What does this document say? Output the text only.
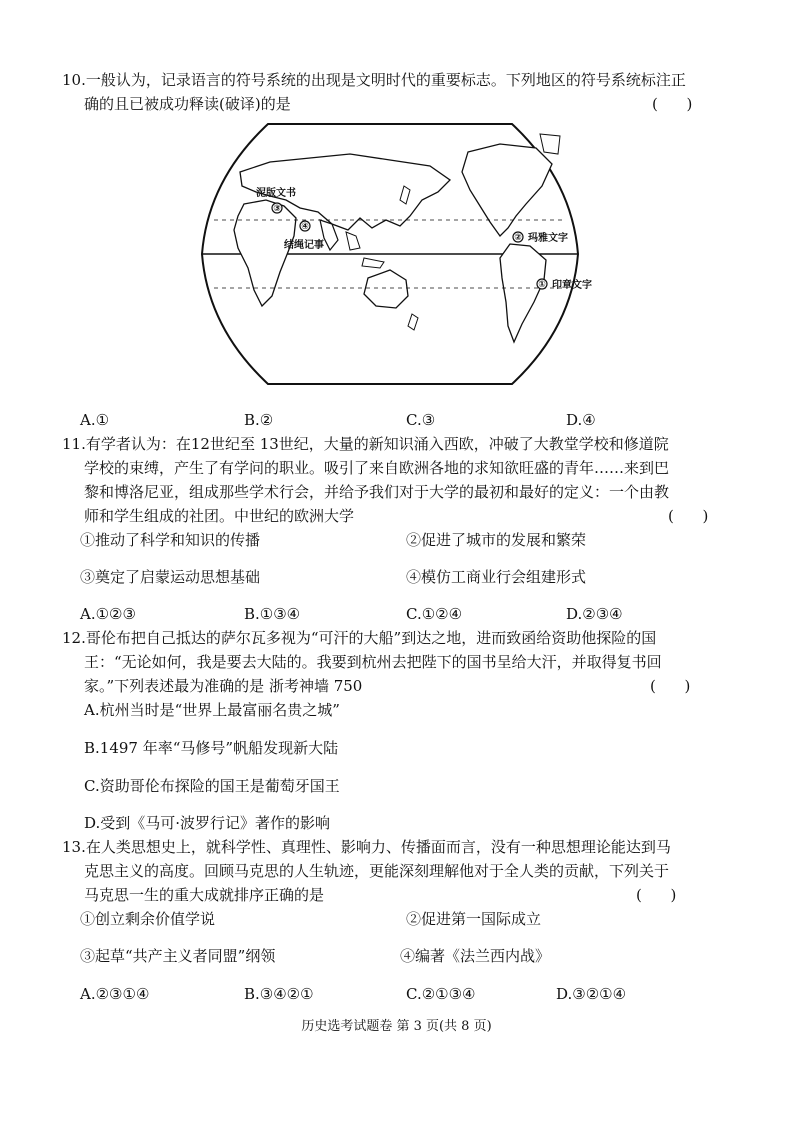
10.一般认为，记录语言的符号系统的出现是文明时代的重要标志。下列地区的符号系统标注正
确的且已被成功释读(破译)的是	(      )
③
泥版文书
④
结绳记事
② 玛雅文字
① 印章文字
A.①	B.②	C.③	D.④
11.有学者认为：在12世纪至 13世纪，大量的新知识涌入西欧，冲破了大教堂学校和修道院
学校的束缚，产生了有学问的职业。吸引了来自欧洲各地的求知欲旺盛的青年……来到巴
黎和博洛尼亚，组成那些学术行会，并给予我们对于大学的最初和最好的定义：一个由教
师和学生组成的社团。中世纪的欧洲大学	(      )
①推动了科学和知识的传播	②促进了城市的发展和繁荣
③奠定了启蒙运动思想基础	④模仿工商业行会组建形式
A.①②③	B.①③④	C.①②④	D.②③④
12.哥伦布把自己抵达的萨尔瓦多视为“可汗的大船”到达之地，进而致函给资助他探险的国
王：“无论如何，我是要去大陆的。我要到杭州去把陛下的国书呈给大汗，并取得复书回
家。”下列表述最为准确的是 浙考神墙 750	(      )
A.杭州当时是“世界上最富丽名贵之城”
B.1497 年率“马修号”帆船发现新大陆
C.资助哥伦布探险的国王是葡萄牙国王
D.受到《马可·波罗行记》著作的影响
13.在人类思想史上，就科学性、真理性、影响力、传播面而言，没有一种思想理论能达到马
克思主义的高度。回顾马克思的人生轨迹，更能深刻理解他对于全人类的贡献，下列关于
马克思一生的重大成就排序正确的是	(      )
①创立剩余价值学说	②促进第一国际成立
③起草“共产主义者同盟”纲领	④编著《法兰西内战》
A.②③①④	B.③④②①	C.②①③④	D.③②①④
历史选考试题卷 第 3 页(共 8 页)
